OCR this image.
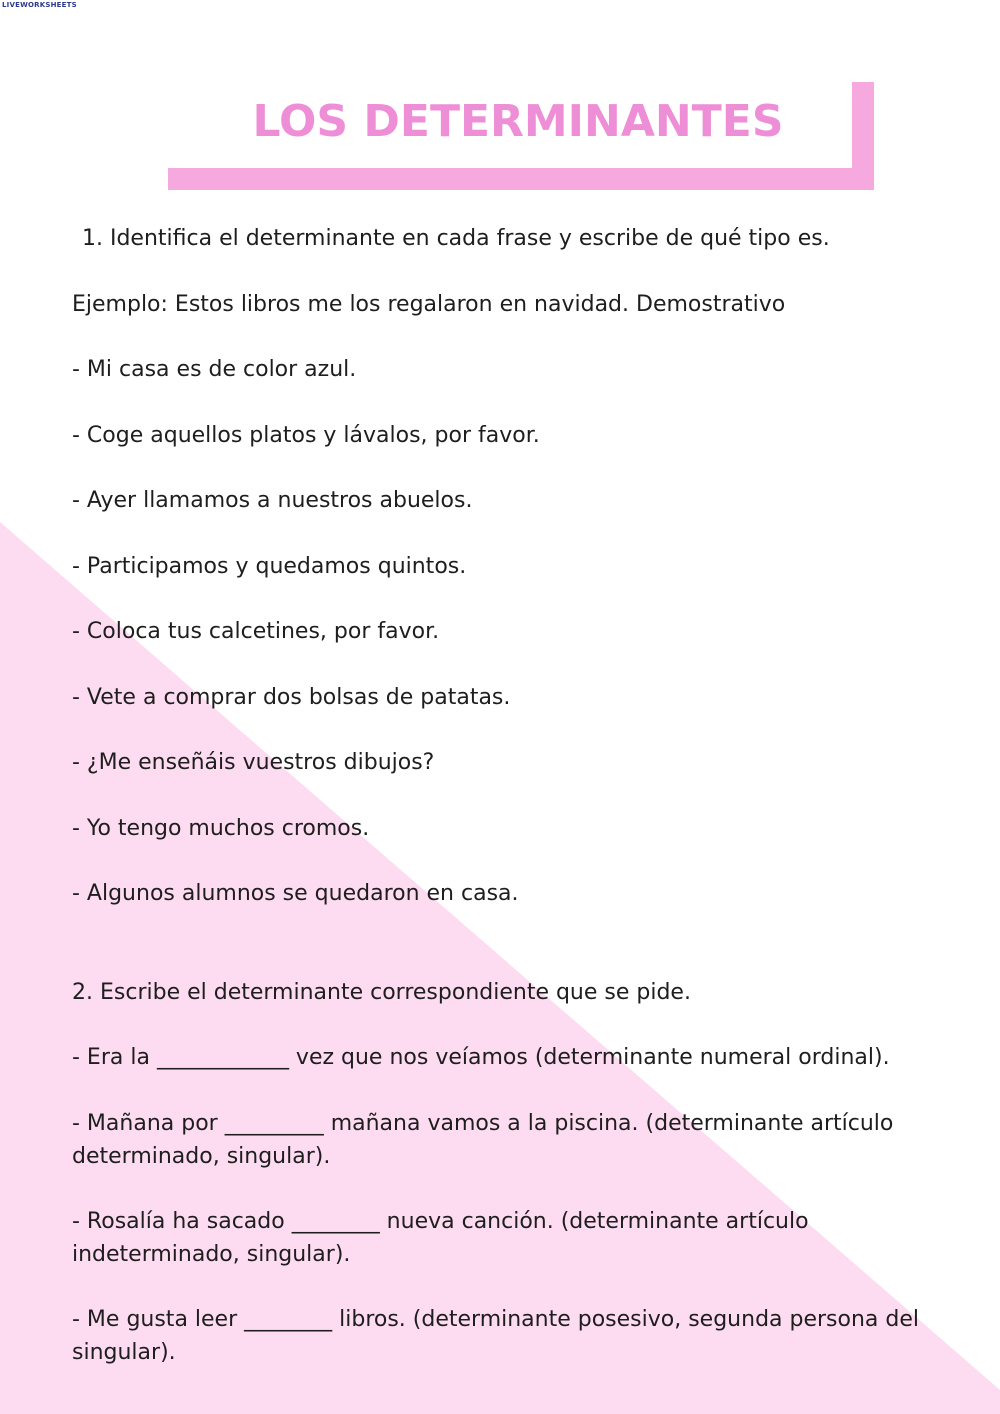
LIVEWORKSHEETS
LOS DETERMINANTES
1. Identifica el determinante en cada frase y escribe de qué tipo es.
Ejemplo: Estos libros me los regalaron en navidad. Demostrativo
- Mi casa es de color azul.
- Coge aquellos platos y lávalos, por favor.
- Ayer llamamos a nuestros abuelos.
- Participamos y quedamos quintos.
- Coloca tus calcetines, por favor.
- Vete a comprar dos bolsas de patatas.
- ¿Me enseñáis vuestros dibujos?
- Yo tengo muchos cromos.
- Algunos alumnos se quedaron en casa.
2. Escribe el determinante correspondiente que se pide.
- Era la ____________ vez que nos veíamos (determinante numeral ordinal).
- Mañana por _________ mañana vamos a la piscina. (determinante artículo determinado, singular).
- Rosalía ha sacado ________ nueva canción. (determinante artículo indeterminado, singular).
- Me gusta leer ________ libros. (determinante posesivo, segunda persona del singular).
